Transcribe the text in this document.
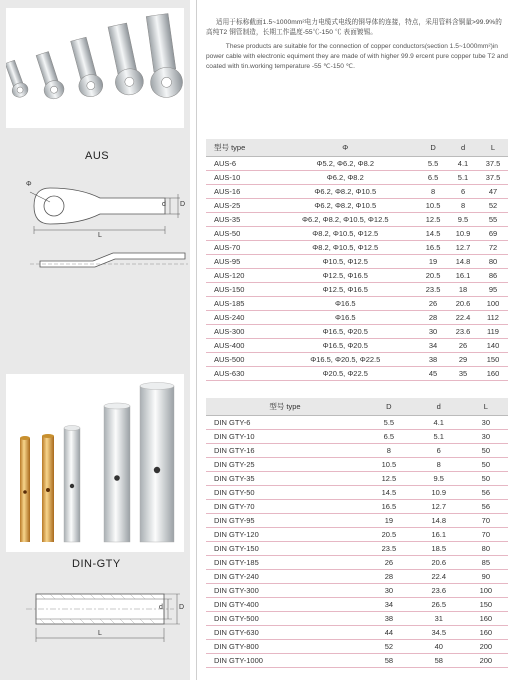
AUS
Φ
d D
L
DIN-GTY
d D
L

适用于标称截面1.5~1000mm²电力电缆式电线的铜导体的连接，特点，采用管料含铜量>99.9%的高纯T2 铜管制造，长期工作温度-55℃-150 ℃ 表面镀锡。

These products are suitable for the connection of copper conductors(section 1.5~1000mm²)in power cable with electronic equiment they are made of with higher 99.9 ercent pure copper tube T2 and coated with tin.working temperature -55 ℃-150 ℃.

型号 type	Φ	D	d	L
AUS-6	Φ5.2, Φ6.2, Φ8.2	5.5	4.1	37.5
AUS-10	Φ6.2, Φ8.2	6.5	5.1	37.5
AUS-16	Φ6.2, Φ8.2, Φ10.5	8	6	47
AUS-25	Φ6.2, Φ8.2, Φ10.5	10.5	8	52
AUS-35	Φ6.2, Φ8.2, Φ10.5, Φ12.5	12.5	9.5	55
AUS-50	Φ8.2, Φ10.5, Φ12.5	14.5	10.9	69
AUS-70	Φ8.2, Φ10.5, Φ12.5	16.5	12.7	72
AUS-95	Φ10.5, Φ12.5	19	14.8	80
AUS-120	Φ12.5, Φ16.5	20.5	16.1	86
AUS-150	Φ12.5, Φ16.5	23.5	18	95
AUS-185	Φ16.5	26	20.6	100
AUS-240	Φ16.5	28	22.4	112
AUS-300	Φ16.5, Φ20.5	30	23.6	119
AUS-400	Φ16.5, Φ20.5	34	26	140
AUS-500	Φ16.5, Φ20.5, Φ22.5	38	29	150
AUS-630	Φ20.5, Φ22.5	45	35	160
型号 type	D	d	L
DIN GTY-6	5.5	4.1	30
DIN GTY-10	6.5	5.1	30
DIN GTY-16	8	6	50
DIN GTY-25	10.5	8	50
DIN GTY-35	12.5	9.5	50
DIN GTY-50	14.5	10.9	56
DIN GTY-70	16.5	12.7	56
DIN GTY-95	19	14.8	70
DIN GTY-120	20.5	16.1	70
DIN GTY-150	23.5	18.5	80
DIN GTY-185	26	20.6	85
DIN GTY-240	28	22.4	90
DIN GTY-300	30	23.6	100
DIN GTY-400	34	26.5	150
DIN GTY-500	38	31	160
DIN GTY-630	44	34.5	160
DIN GTY-800	52	40	200
DIN GTY-1000	58	58	200
